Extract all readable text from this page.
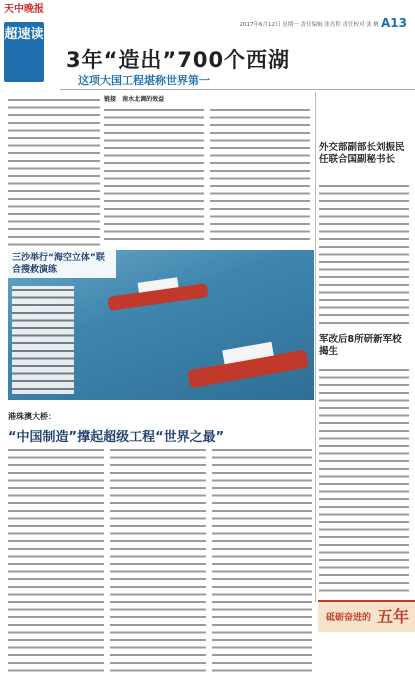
天中晚报
超速读
2017年6月12日 星期一 责任编辑 张亮程 责任校对 张 帆 A13
3年“造出”700个西湖
这项大国工程堪称世界第一
链接 南水北调的效益
外交部副部长刘振民任联合国副秘书长
军改后8所研新军校揭生
三沙举行“海空立体”联合搜救演练
港珠澳大桥：
“中国制造”撑起超级工程“世界之最”
砥砺奋进的 五年
